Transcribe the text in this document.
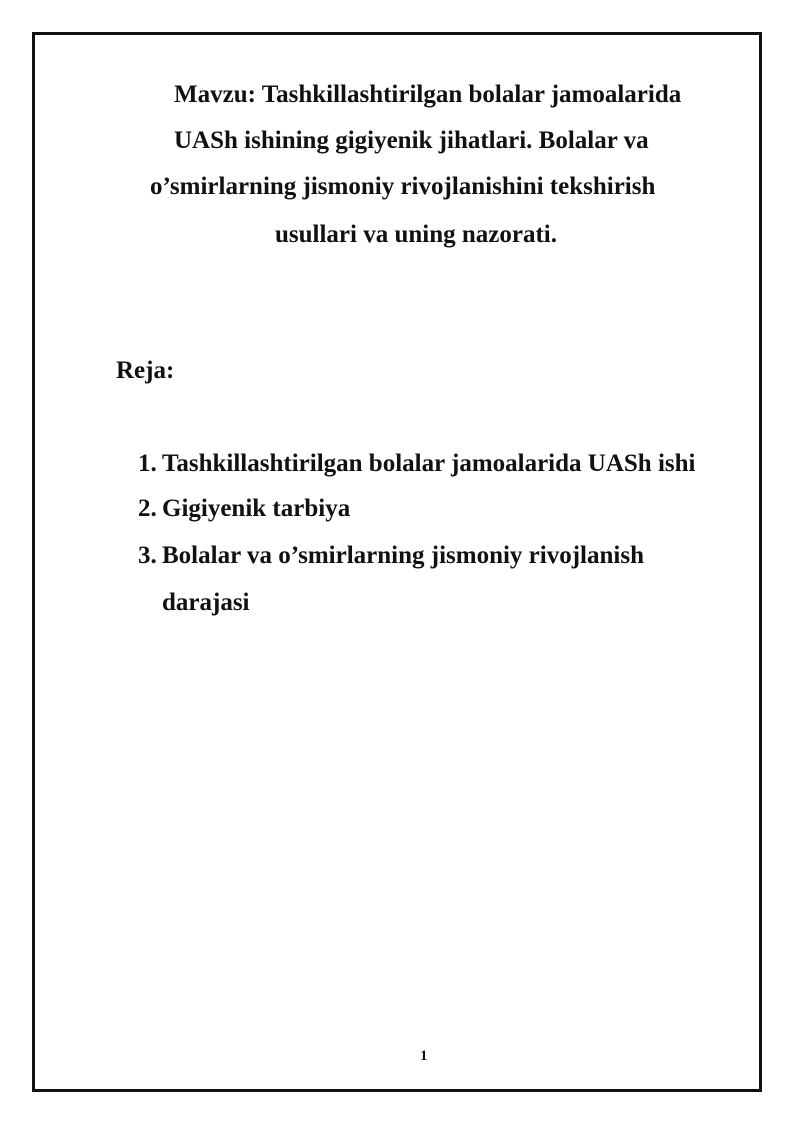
Mavzu: Tashkillashtirilgan bolalar jamoalarida
UASh ishining gigiyenik jihatlari. Bolalar va
o’smirlarning jismoniy rivojlanishini tekshirish
usullari va uning nazorati.
Reja:
1. Tashkillashtirilgan bolalar jamoalarida UASh ishi
2. Gigiyenik tarbiya
3. Bolalar va o’smirlarning jismoniy rivojlanish
darajasi
1
